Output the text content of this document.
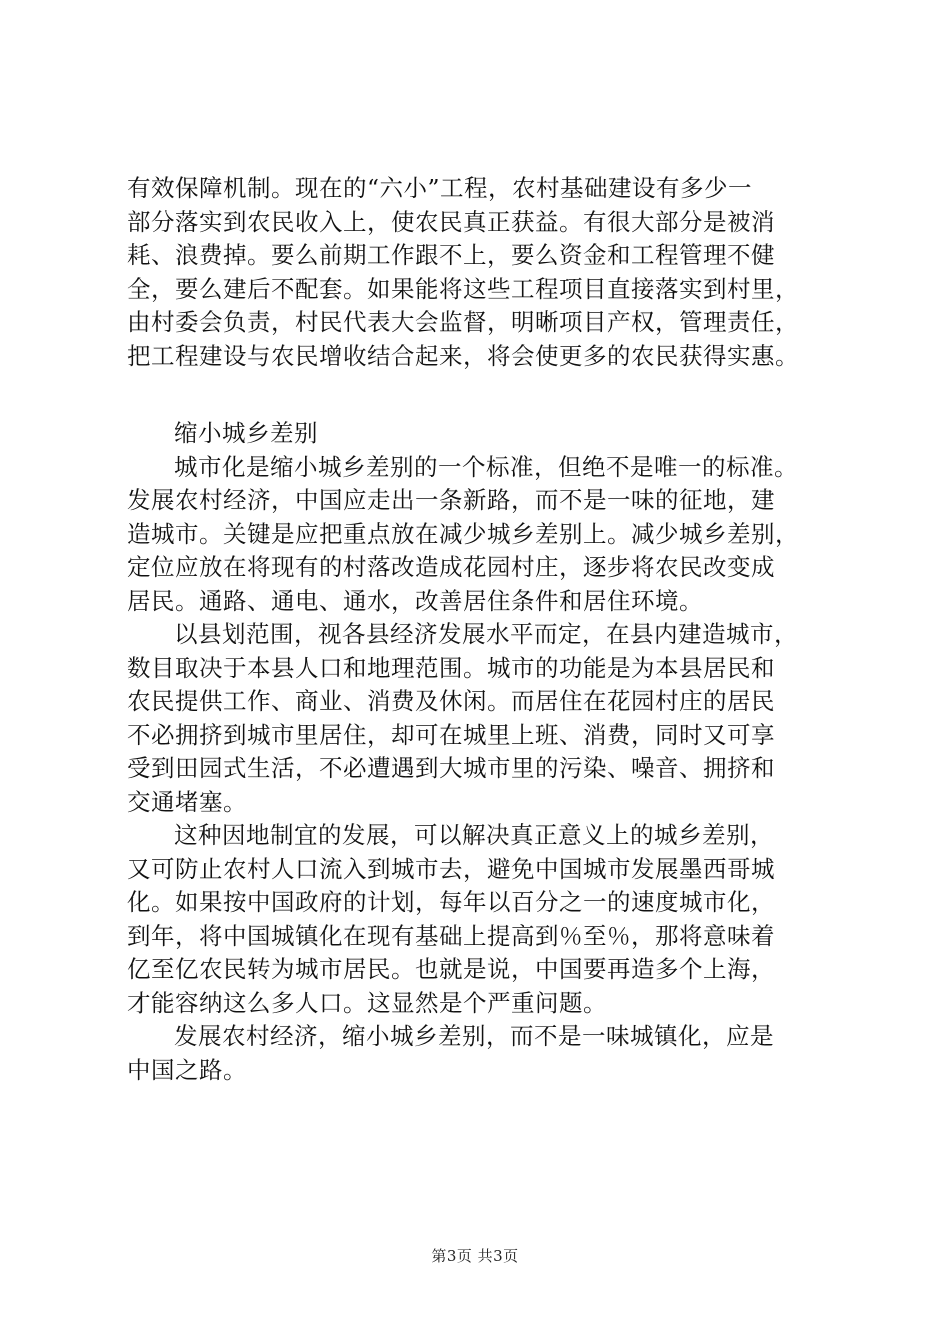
有效保障机制。现在的“六小”工程，农村基础建设有多少一
部分落实到农民收入上，使农民真正获益。有很大部分是被消
耗、浪费掉。要么前期工作跟不上，要么资金和工程管理不健
全，要么建后不配套。如果能将这些工程项目直接落实到村里，
由村委会负责，村民代表大会监督，明晰项目产权，管理责任，
把工程建设与农民增收结合起来，将会使更多的农民获得实惠。
缩小城乡差别
城市化是缩小城乡差别的一个标准，但绝不是唯一的标准。
发展农村经济，中国应走出一条新路，而不是一味的征地，建
造城市。关键是应把重点放在减少城乡差别上。减少城乡差别，
定位应放在将现有的村落改造成花园村庄，逐步将农民改变成
居民。通路、通电、通水，改善居住条件和居住环境。
以县划范围，视各县经济发展水平而定，在县内建造城市，
数目取决于本县人口和地理范围。城市的功能是为本县居民和
农民提供工作、商业、消费及休闲。而居住在花园村庄的居民
不必拥挤到城市里居住，却可在城里上班、消费，同时又可享
受到田园式生活，不必遭遇到大城市里的污染、噪音、拥挤和
交通堵塞。
这种因地制宜的发展，可以解决真正意义上的城乡差别，
又可防止农村人口流入到城市去，避免中国城市发展墨西哥城
化。如果按中国政府的计划，每年以百分之一的速度城市化，
到年，将中国城镇化在现有基础上提高到％至％，那将意味着
亿至亿农民转为城市居民。也就是说，中国要再造多个上海，
才能容纳这么多人口。这显然是个严重问题。
发展农村经济，缩小城乡差别，而不是一味城镇化，应是
中国之路。
第3页 共3页
